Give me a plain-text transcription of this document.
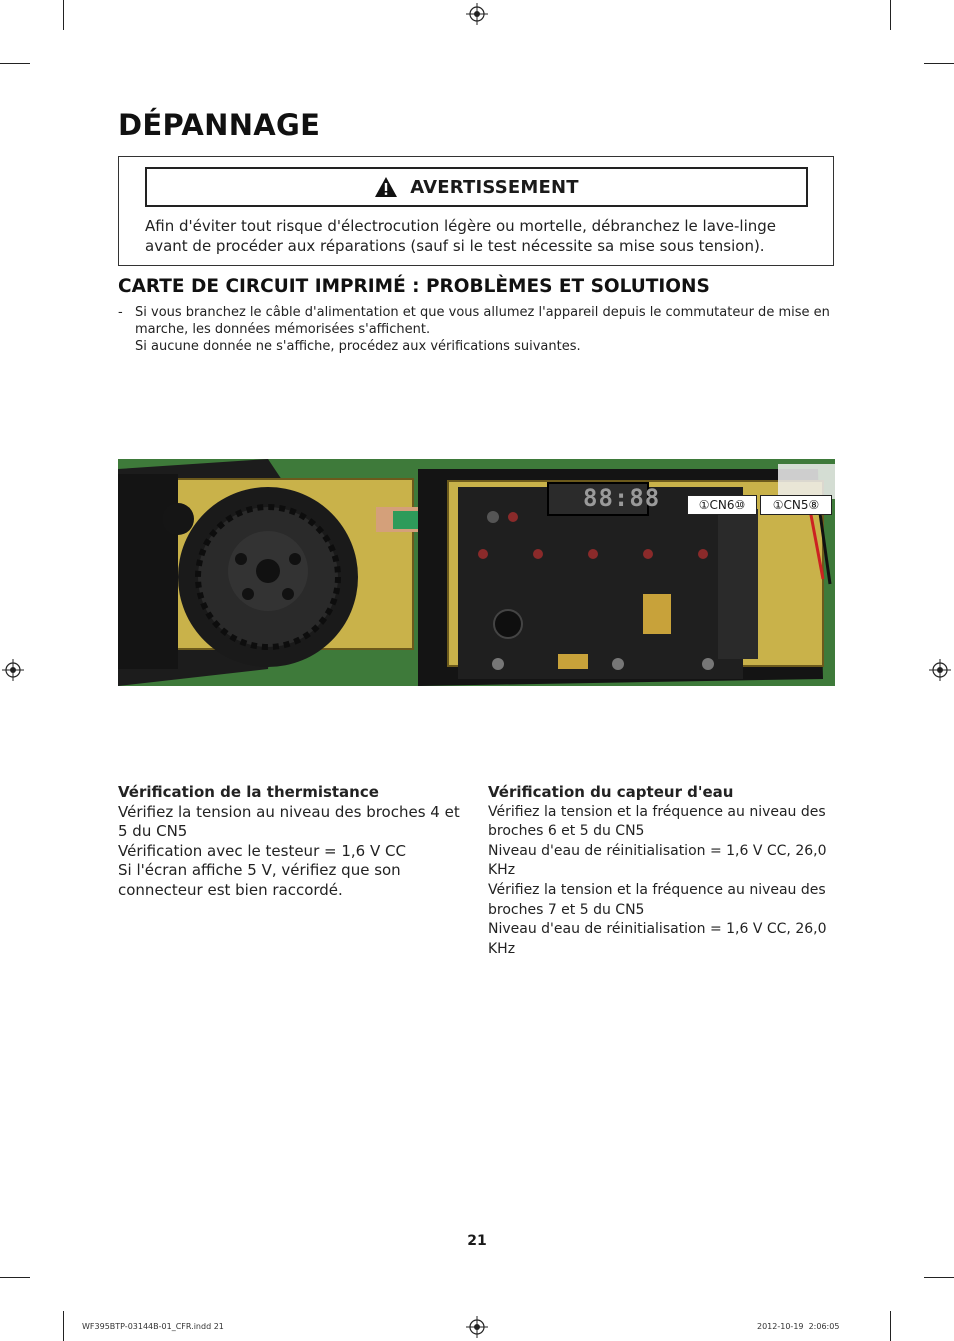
DÉPANNAGE
AVERTISSEMENT
Afin d'éviter tout risque d'électrocution légère ou mortelle, débranchez le lave-linge avant de procéder aux réparations (sauf si le test nécessite sa mise sous tension).
CARTE DE CIRCUIT IMPRIMÉ : PROBLÈMES ET SOLUTIONS
- Si vous branchez le câble d'alimentation et que vous allumez l'appareil depuis le commutateur de mise en marche, les données mémorisées s'affichent.
Si aucune donnée ne s'affiche, procédez aux vérifications suivantes.
88:88	①CN6⑩	①CN5⑧
Vérification de la thermistance
Vérifiez la tension au niveau des broches 4 et 5 du CN5
Vérification avec le testeur = 1,6 V CC
Si l'écran affiche 5 V, vérifiez que son connecteur est bien raccordé.
Vérification du capteur d'eau
Vérifiez la tension et la fréquence au niveau des broches 6 et 5 du CN5
Niveau d'eau de réinitialisation = 1,6 V CC, 26,0 KHz
Vérifiez la tension et la fréquence au niveau des broches 7 et 5 du CN5
Niveau d'eau de réinitialisation = 1,6 V CC, 26,0 KHz
21
WF395BTP-03144B-01_CFR.indd 21	2012-10-19 ￼￼ 2:06:05
